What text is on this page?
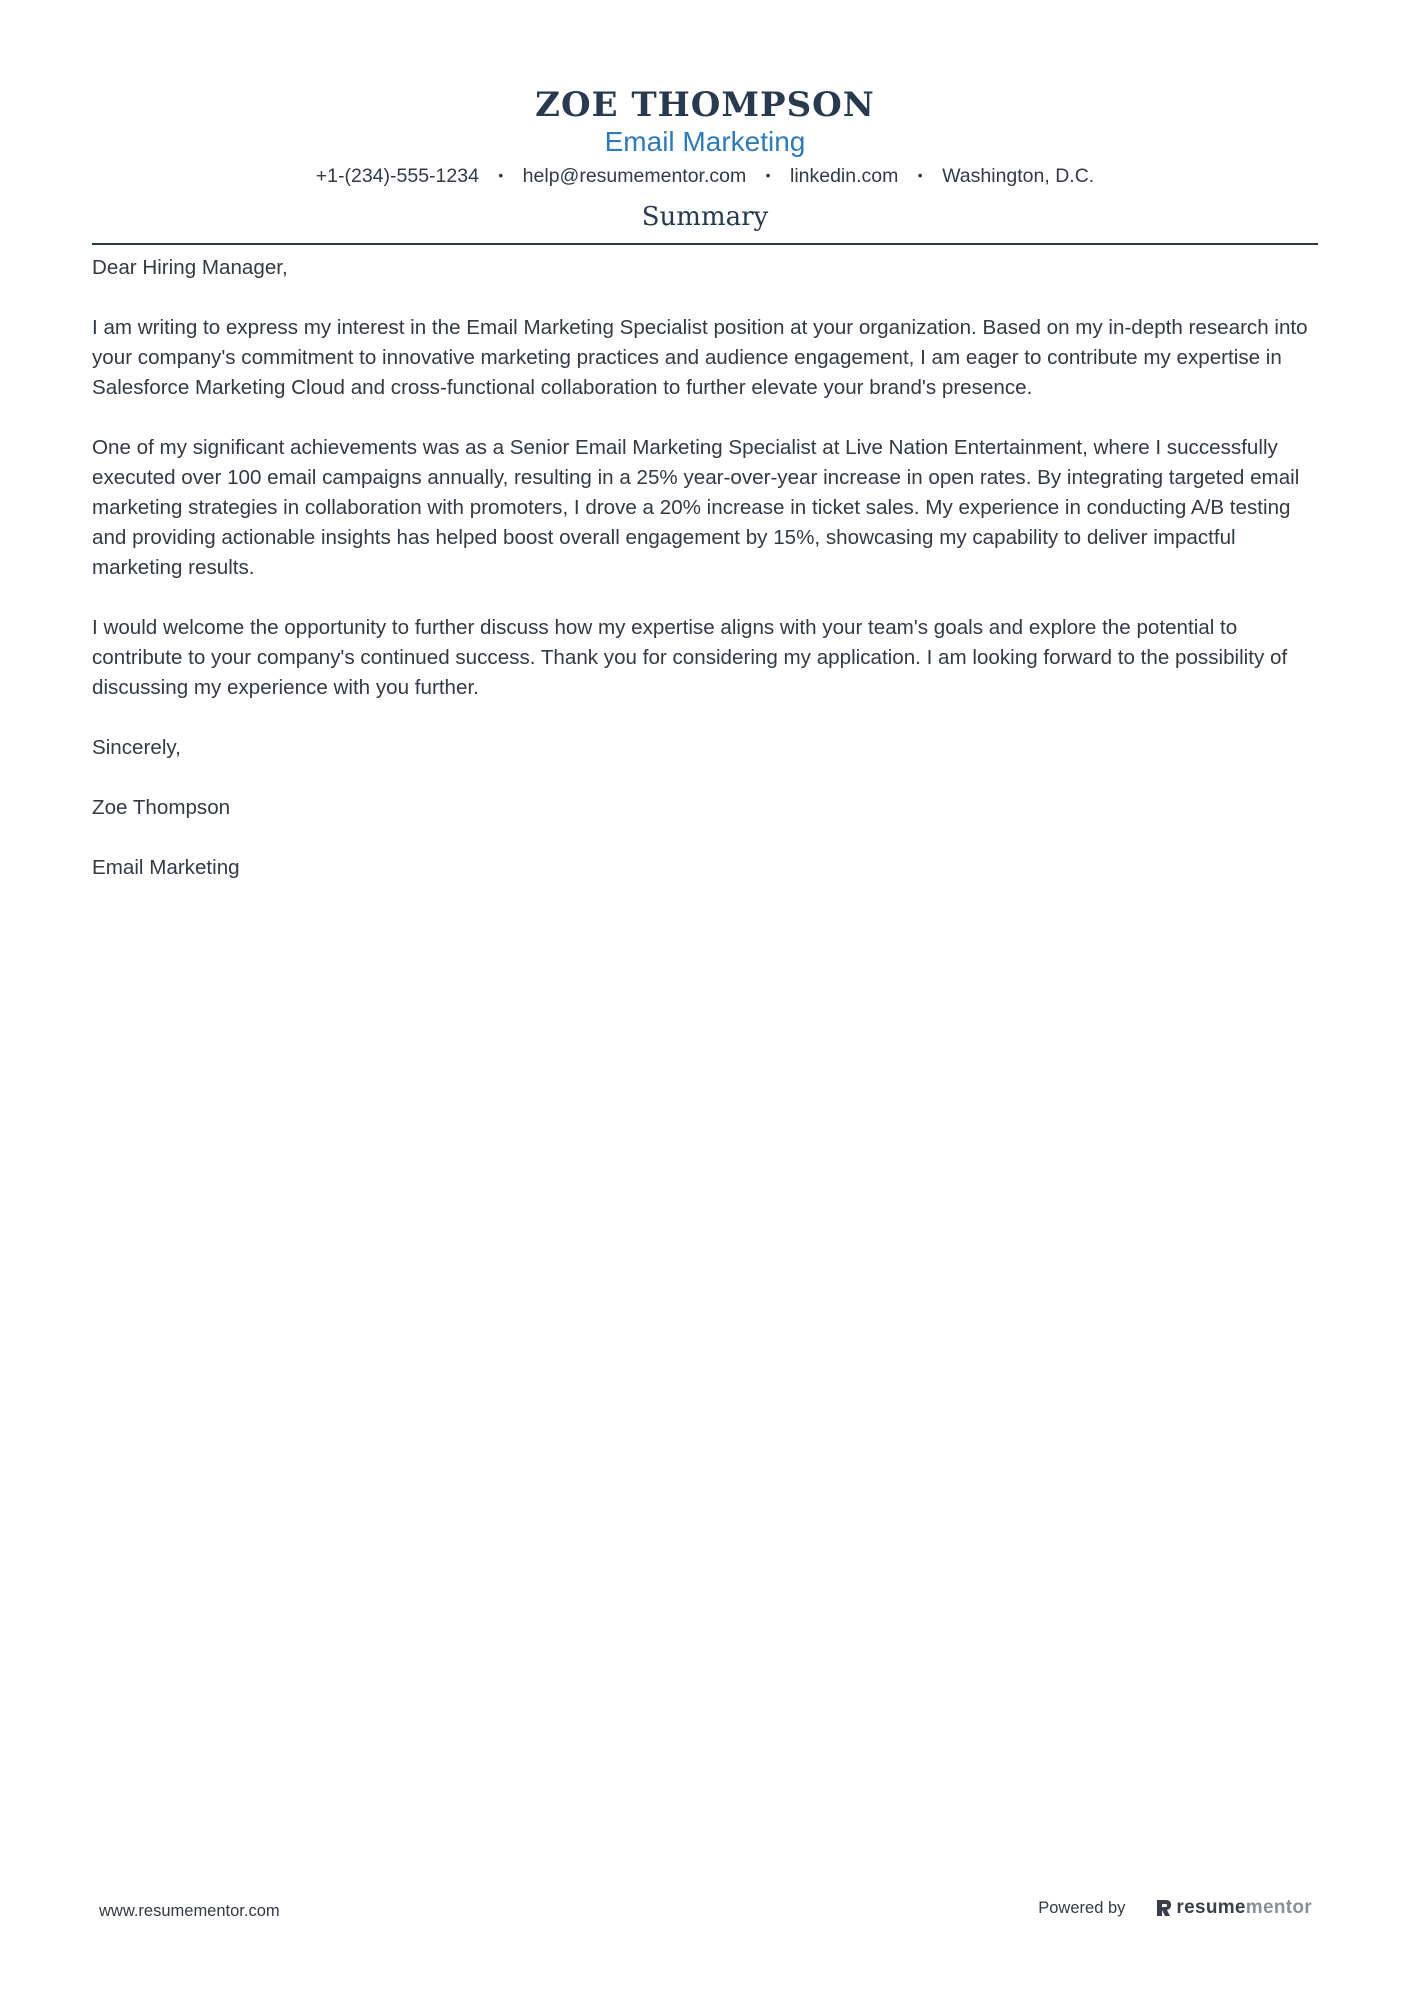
ZOE THOMPSON
Email Marketing
+1-(234)-555-1234 • help@resumementor.com • linkedin.com • Washington, D.C.
Summary

Dear Hiring Manager,

I am writing to express my interest in the Email Marketing Specialist position at your organization. Based on my in-depth research into your company's commitment to innovative marketing practices and audience engagement, I am eager to contribute my expertise in Salesforce Marketing Cloud and cross-functional collaboration to further elevate your brand's presence.

One of my significant achievements was as a Senior Email Marketing Specialist at Live Nation Entertainment, where I successfully executed over 100 email campaigns annually, resulting in a 25% year-over-year increase in open rates. By integrating targeted email marketing strategies in collaboration with promoters, I drove a 20% increase in ticket sales. My experience in conducting A/B testing and providing actionable insights has helped boost overall engagement by 15%, showcasing my capability to deliver impactful marketing results.

I would welcome the opportunity to further discuss how my expertise aligns with your team's goals and explore the potential to contribute to your company's continued success. Thank you for considering my application. I am looking forward to the possibility of discussing my experience with you further.

Sincerely,

Zoe Thompson

Email Marketing

www.resumementor.com	Powered by	resume mentor
